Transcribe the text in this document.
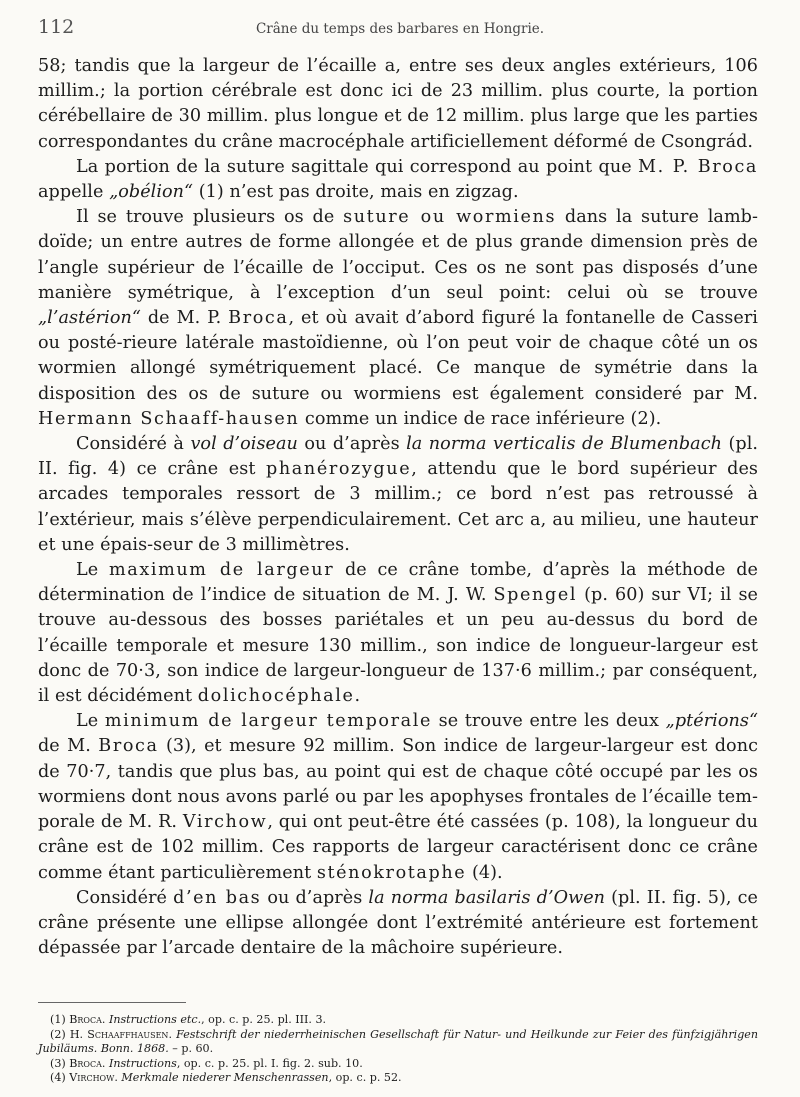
112	Crâne du temps des barbares en Hongrie.

58; tandis que la largeur de l’écaille a, entre ses deux angles extérieurs, 106 millim.; la portion cérébrale est donc ici de 23 millim. plus courte, la portion cérébellaire de 30 millim. plus longue et de 12 millim. plus large que les parties correspondantes du crâne macrocéphale artificiellement déformé de Csongrád.

La portion de la suture sagittale qui correspond au point que M. P. Broca appelle „obélion“ (1) n’est pas droite, mais en zigzag.

Il se trouve plusieurs os de suture ou wormiens dans la suture lamb-doïde; un entre autres de forme allongée et de plus grande dimension près de l’angle supérieur de l’écaille de l’occiput. Ces os ne sont pas disposés d’une manière symétrique, à l’exception d’un seul point: celui où se trouve „l’astérion“ de M. P. Broca, et où avait d’abord figuré la fontanelle de Casseri ou posté-rieure latérale mastoïdienne, où l’on peut voir de chaque côté un os wormien allongé symétriquement placé. Ce manque de symétrie dans la disposition des os de suture ou wormiens est également consideré par M. Hermann Schaaff-hausen comme un indice de race inférieure (2).

Considéré à vol d’oiseau ou d’après la norma verticalis de Blumenbach (pl. II. fig. 4) ce crâne est phanérozygue, attendu que le bord supérieur des arcades temporales ressort de 3 millim.; ce bord n’est pas retroussé à l’extérieur, mais s’élève perpendiculairement. Cet arc a, au milieu, une hauteur et une épais-seur de 3 millimètres.

Le maximum de largeur de ce crâne tombe, d’après la méthode de détermination de l’indice de situation de M. J. W. Spengel (p. 60) sur VI; il se trouve au-dessous des bosses pariétales et un peu au-dessus du bord de l’écaille temporale et mesure 130 millim., son indice de longueur-largeur est donc de 70·3, son indice de largeur-longueur de 137·6 millim.; par conséquent, il est décidément dolichocéphale.

Le minimum de largeur temporale se trouve entre les deux „ptérions“ de M. Broca (3), et mesure 92 millim. Son indice de largeur-largeur est donc de 70·7, tandis que plus bas, au point qui est de chaque côté occupé par les os wormiens dont nous avons parlé ou par les apophyses frontales de l’écaille tem-porale de M. R. Virchow, qui ont peut-être été cassées (p. 108), la longueur du crâne est de 102 millim. Ces rapports de largeur caractérisent donc ce crâne comme étant particulièrement sténokrotaphe (4).

Considéré d’en bas ou d’après la norma basilaris d’Owen (pl. II. fig. 5), ce crâne présente une ellipse allongée dont l’extrémité antérieure est fortement dépassée par l’arcade dentaire de la mâchoire supérieure.

(1) Broca. Instructions etc., op. c. p. 25. pl. III. 3.

(2) H. Schaaffhausen. Festschrift der niederrheinischen Gesellschaft für Natur- und Heilkunde zur Feier des fünfzigjährigen Jubiläums. Bonn. 1868. – p. 60.

(3) Broca. Instructions, op. c. p. 25. pl. I. fig. 2. sub. 10.

(4) Virchow. Merkmale niederer Menschenrassen, op. c. p. 52.
